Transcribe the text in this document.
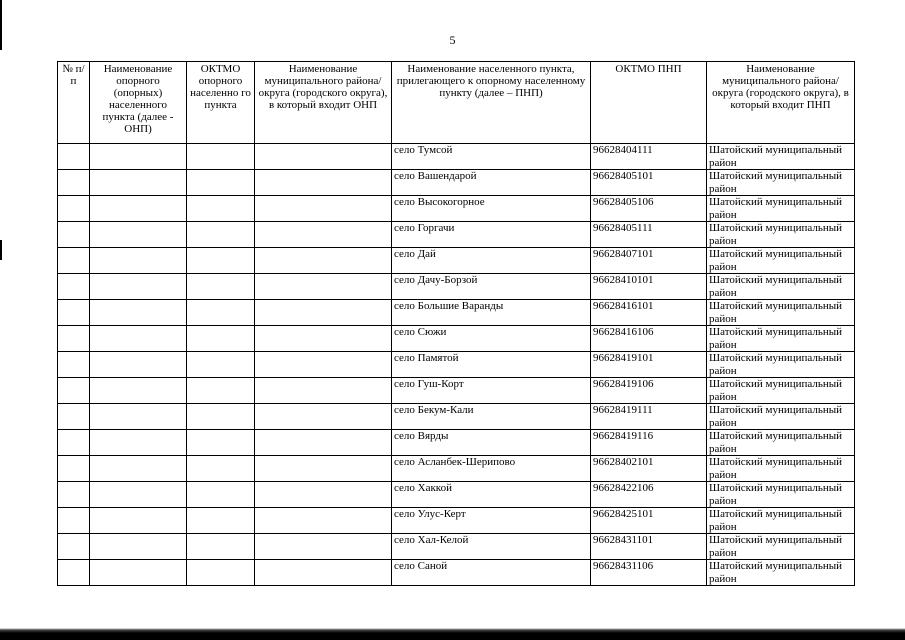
5
№ п/п	Наименование опорного (опорных) населенного пункта (далее - ОНП)	ОКТМО опорного населенно го пункта	Наименование муниципального района/округа (городского округа), в который входит ОНП	Наименование населенного пункта, прилегающего к опорному населенному пункту (далее – ПНП)	ОКТМО ПНП	Наименование муниципального района/округа (городского округа), в который входит ПНП
				село Тумсой	96628404111	Шатойский муниципальный район
				село Вашендарой	96628405101	Шатойский муниципальный район
				село Высокогорное	96628405106	Шатойский муниципальный район
				село Горгачи	96628405111	Шатойский муниципальный район
				село Дай	96628407101	Шатойский муниципальный район
				село Дачу-Борзой	96628410101	Шатойский муниципальный район
				село Большие Варанды	96628416101	Шатойский муниципальный район
				село Сюжи	96628416106	Шатойский муниципальный район
				село Памятой	96628419101	Шатойский муниципальный район
				село Гуш-Корт	96628419106	Шатойский муниципальный район
				село Бекум-Кали	96628419111	Шатойский муниципальный район
				село Вярды	96628419116	Шатойский муниципальный район
				село Асланбек-Шерипово	96628402101	Шатойский муниципальный район
				село Хаккой	96628422106	Шатойский муниципальный район
				село Улус-Керт	96628425101	Шатойский муниципальный район
				село Хал-Келой	96628431101	Шатойский муниципальный район
				село Саной	96628431106	Шатойский муниципальный район
